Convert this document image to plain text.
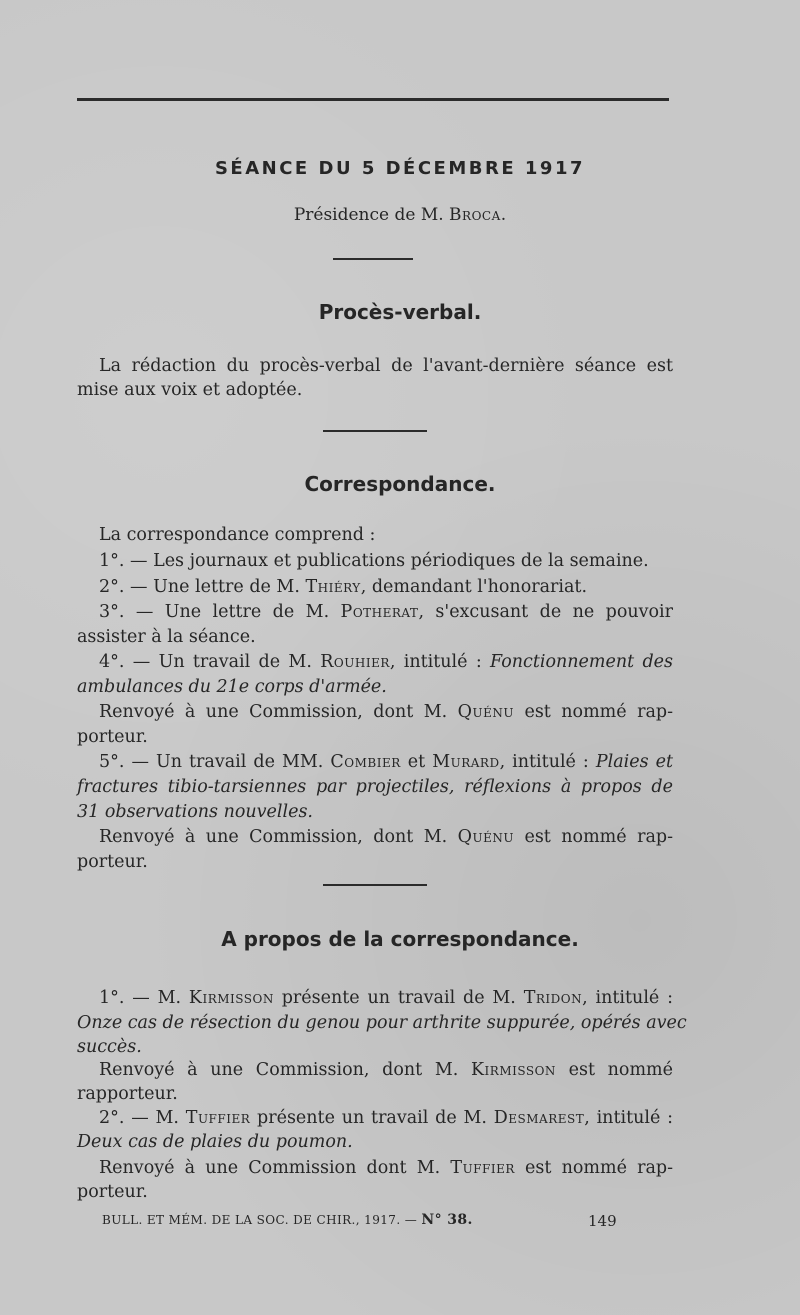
SÉANCE DU 5 DÉCEMBRE 1917
Présidence de M. Broca.
Procès-verbal.
La rédaction du procès-verbal de l'avant-dernière séance est
mise aux voix et adoptée.
Correspondance.
La correspondance comprend :
1°. — Les journaux et publications périodiques de la semaine.
2°. — Une lettre de M. Thiéry, demandant l'honorariat.
3°. — Une lettre de M. Potherat, s'excusant de ne pouvoir
assister à la séance.
4°. — Un travail de M. Rouhier, intitulé : Fonctionnement des
ambulances du 21e corps d'armée.
Renvoyé à une Commission, dont M. Quénu est nommé rap-
porteur.
5°. — Un travail de MM. Combier et Murard, intitulé : Plaies et
fractures tibio-tarsiennes par projectiles, réflexions à propos de
31 observations nouvelles.
Renvoyé à une Commission, dont M. Quénu est nommé rap-
porteur.
A propos de la correspondance.
1°. — M. Kirmisson présente un travail de M. Tridon, intitulé :
Onze cas de résection du genou pour arthrite suppurée, opérés avec
succès.
Renvoyé à une Commission, dont M. Kirmisson est nommé
rapporteur.
2°. — M. Tuffier présente un travail de M. Desmarest, intitulé :
Deux cas de plaies du poumon.
Renvoyé à une Commission dont M. Tuffier est nommé rap-
porteur.
BULL. ET MÉM. DE LA SOC. DE CHIR., 1917. — N° 38.	149
